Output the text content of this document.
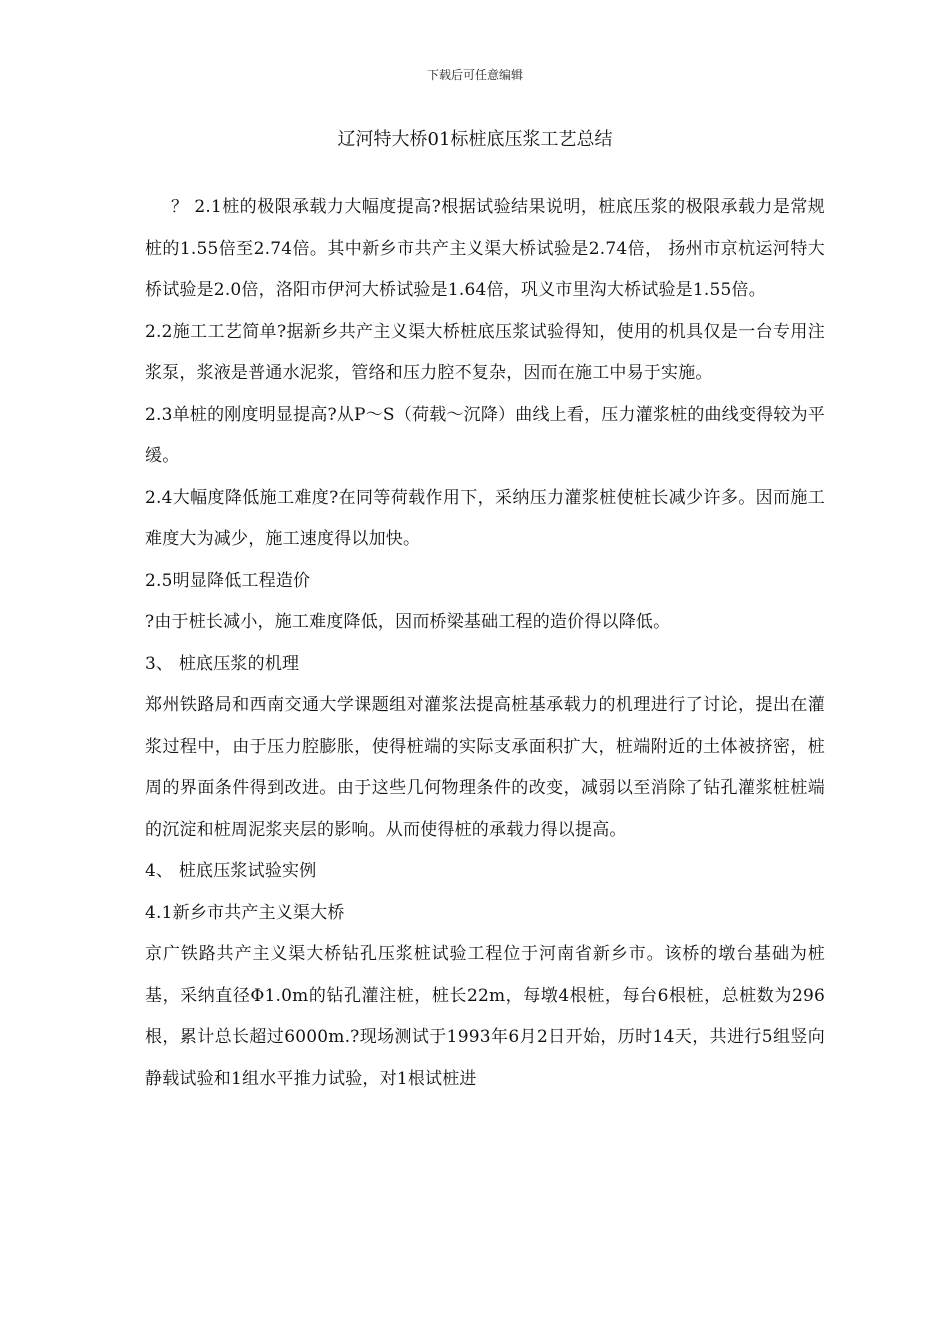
下载后可任意编辑
辽河特大桥01标桩底压浆工艺总结

？ 2.1桩的极限承载力大幅度提高?根据试验结果说明，桩底压浆的极限承载力是常规桩的1.55倍至2.74倍。其中新乡市共产主义渠大桥试验是2.74倍， 扬州市京杭运河特大桥试验是2.0倍，洛阳市伊河大桥试验是1.64倍，巩义市里沟大桥试验是1.55倍。

2.2施工工艺简单?据新乡共产主义渠大桥桩底压浆试验得知，使用的机具仅是一台专用注浆泵，浆液是普通水泥浆，管络和压力腔不复杂，因而在施工中易于实施。

2.3单桩的刚度明显提高?从P～S（荷载～沉降）曲线上看，压力灌浆桩的曲线变得较为平缓。

2.4大幅度降低施工难度?在同等荷载作用下，采纳压力灌浆桩使桩长减少许多。因而施工难度大为减少，施工速度得以加快。

2.5明显降低工程造价

?由于桩长减小，施工难度降低，因而桥梁基础工程的造价得以降低。

3、 桩底压浆的机理

郑州铁路局和西南交通大学课题组对灌浆法提高桩基承载力的机理进行了讨论，提出在灌浆过程中，由于压力腔膨胀，使得桩端的实际支承面积扩大，桩端附近的土体被挤密，桩周的界面条件得到改进。由于这些几何物理条件的改变，减弱以至消除了钻孔灌浆桩桩端的沉淀和桩周泥浆夹层的影响。从而使得桩的承载力得以提高。

4、 桩底压浆试验实例

4.1新乡市共产主义渠大桥

京广铁路共产主义渠大桥钻孔压浆桩试验工程位于河南省新乡市。该桥的墩台基础为桩基，采纳直径Φ1.0m的钻孔灌注桩，桩长22m，每墩4根桩，每台6根桩，总桩数为296根，累计总长超过6000m.?现场测试于1993年6月2日开始，历时14天，共进行5组竖向静载试验和1组水平推力试验，对1根试桩进
